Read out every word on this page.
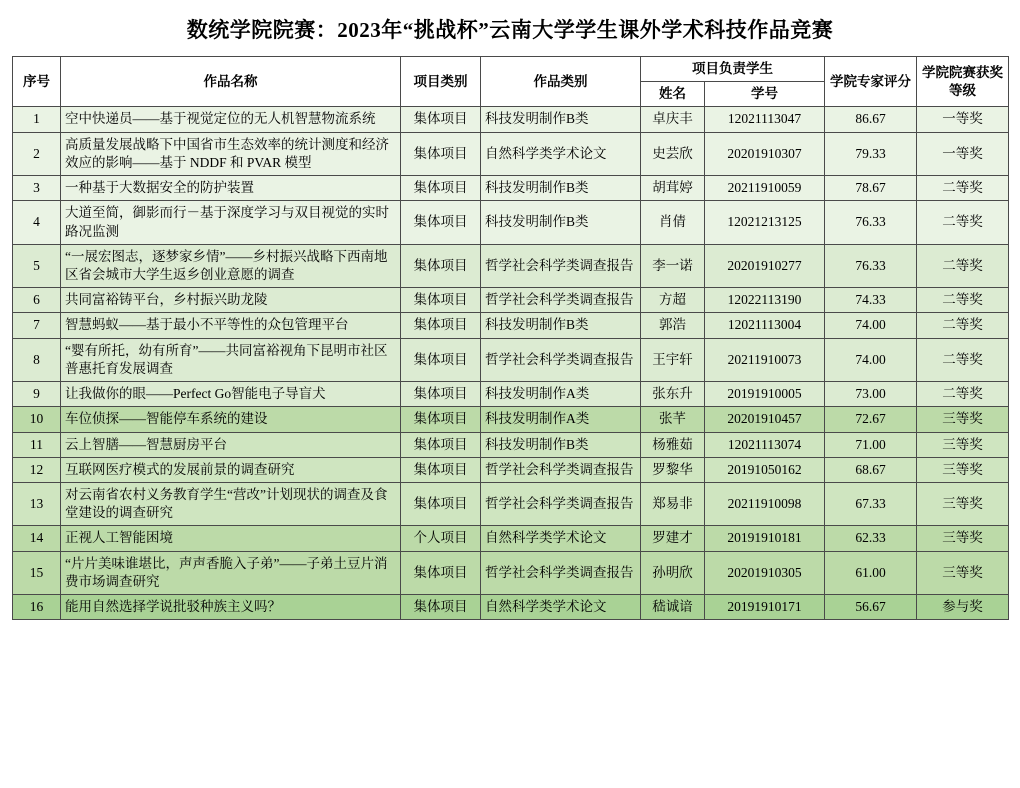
数统学院院赛：2023年“挑战杯”云南大学学生课外学术科技作品竞赛
序号	作品名称	项目类别	作品类别	项目负责学生		学院专家评分	学院院赛获奖等级
				姓名	学号		
1	空中快递员——基于视觉定位的无人机智慧物流系统	集体项目	科技发明制作B类	卓庆丰	12021113047	86.67	一等奖
2	高质量发展战略下中国省市生态效率的统计测度和经济效应的影响——基于 NDDF 和 PVAR 模型	集体项目	自然科学类学术论文	史芸欣	20201910307	79.33	一等奖
3	一种基于大数据安全的防护装置	集体项目	科技发明制作B类	胡茸婷	20211910059	78.67	二等奖
4	大道至简，御影而行－基于深度学习与双目视觉的实时路况监测	集体项目	科技发明制作B类	肖倩	12021213125	76.33	二等奖
5	“一展宏图志，逐梦家乡情”——乡村振兴战略下西南地区省会城市大学生返乡创业意愿的调查	集体项目	哲学社会科学类调查报告	李一诺	20201910277	76.33	二等奖
6	共同富裕铸平台，乡村振兴助龙陵	集体项目	哲学社会科学类调查报告	方超	12022113190	74.33	二等奖
7	智慧蚂蚁——基于最小不平等性的众包管理平台	集体项目	科技发明制作B类	郭浩	12021113004	74.00	二等奖
8	“婴有所托，幼有所育”——共同富裕视角下昆明市社区普惠托育发展调查	集体项目	哲学社会科学类调查报告	王宇轩	20211910073	74.00	二等奖
9	让我做你的眼——Perfect Go智能电子导盲犬	集体项目	科技发明制作A类	张东升	20191910005	73.00	二等奖
10	车位侦探——智能停车系统的建设	集体项目	科技发明制作A类	张芊	20201910457	72.67	三等奖
11	云上智膳——智慧厨房平台	集体项目	科技发明制作B类	杨雅茹	12021113074	71.00	三等奖
12	互联网医疗模式的发展前景的调查研究	集体项目	哲学社会科学类调查报告	罗黎华	20191050162	68.67	三等奖
13	对云南省农村义务教育学生“营改”计划现状的调查及食堂建设的调查研究	集体项目	哲学社会科学类调查报告	郑易非	20211910098	67.33	三等奖
14	正视人工智能困境	个人项目	自然科学类学术论文	罗建才	20191910181	62.33	三等奖
15	“片片美味谁堪比，声声香脆入子弟”——子弟土豆片消费市场调查研究	集体项目	哲学社会科学类调查报告	孙明欣	20201910305	61.00	三等奖
16	能用自然选择学说批驳种族主义吗？	集体项目	自然科学类学术论文	嵇诚谙	20191910171	56.67	参与奖
